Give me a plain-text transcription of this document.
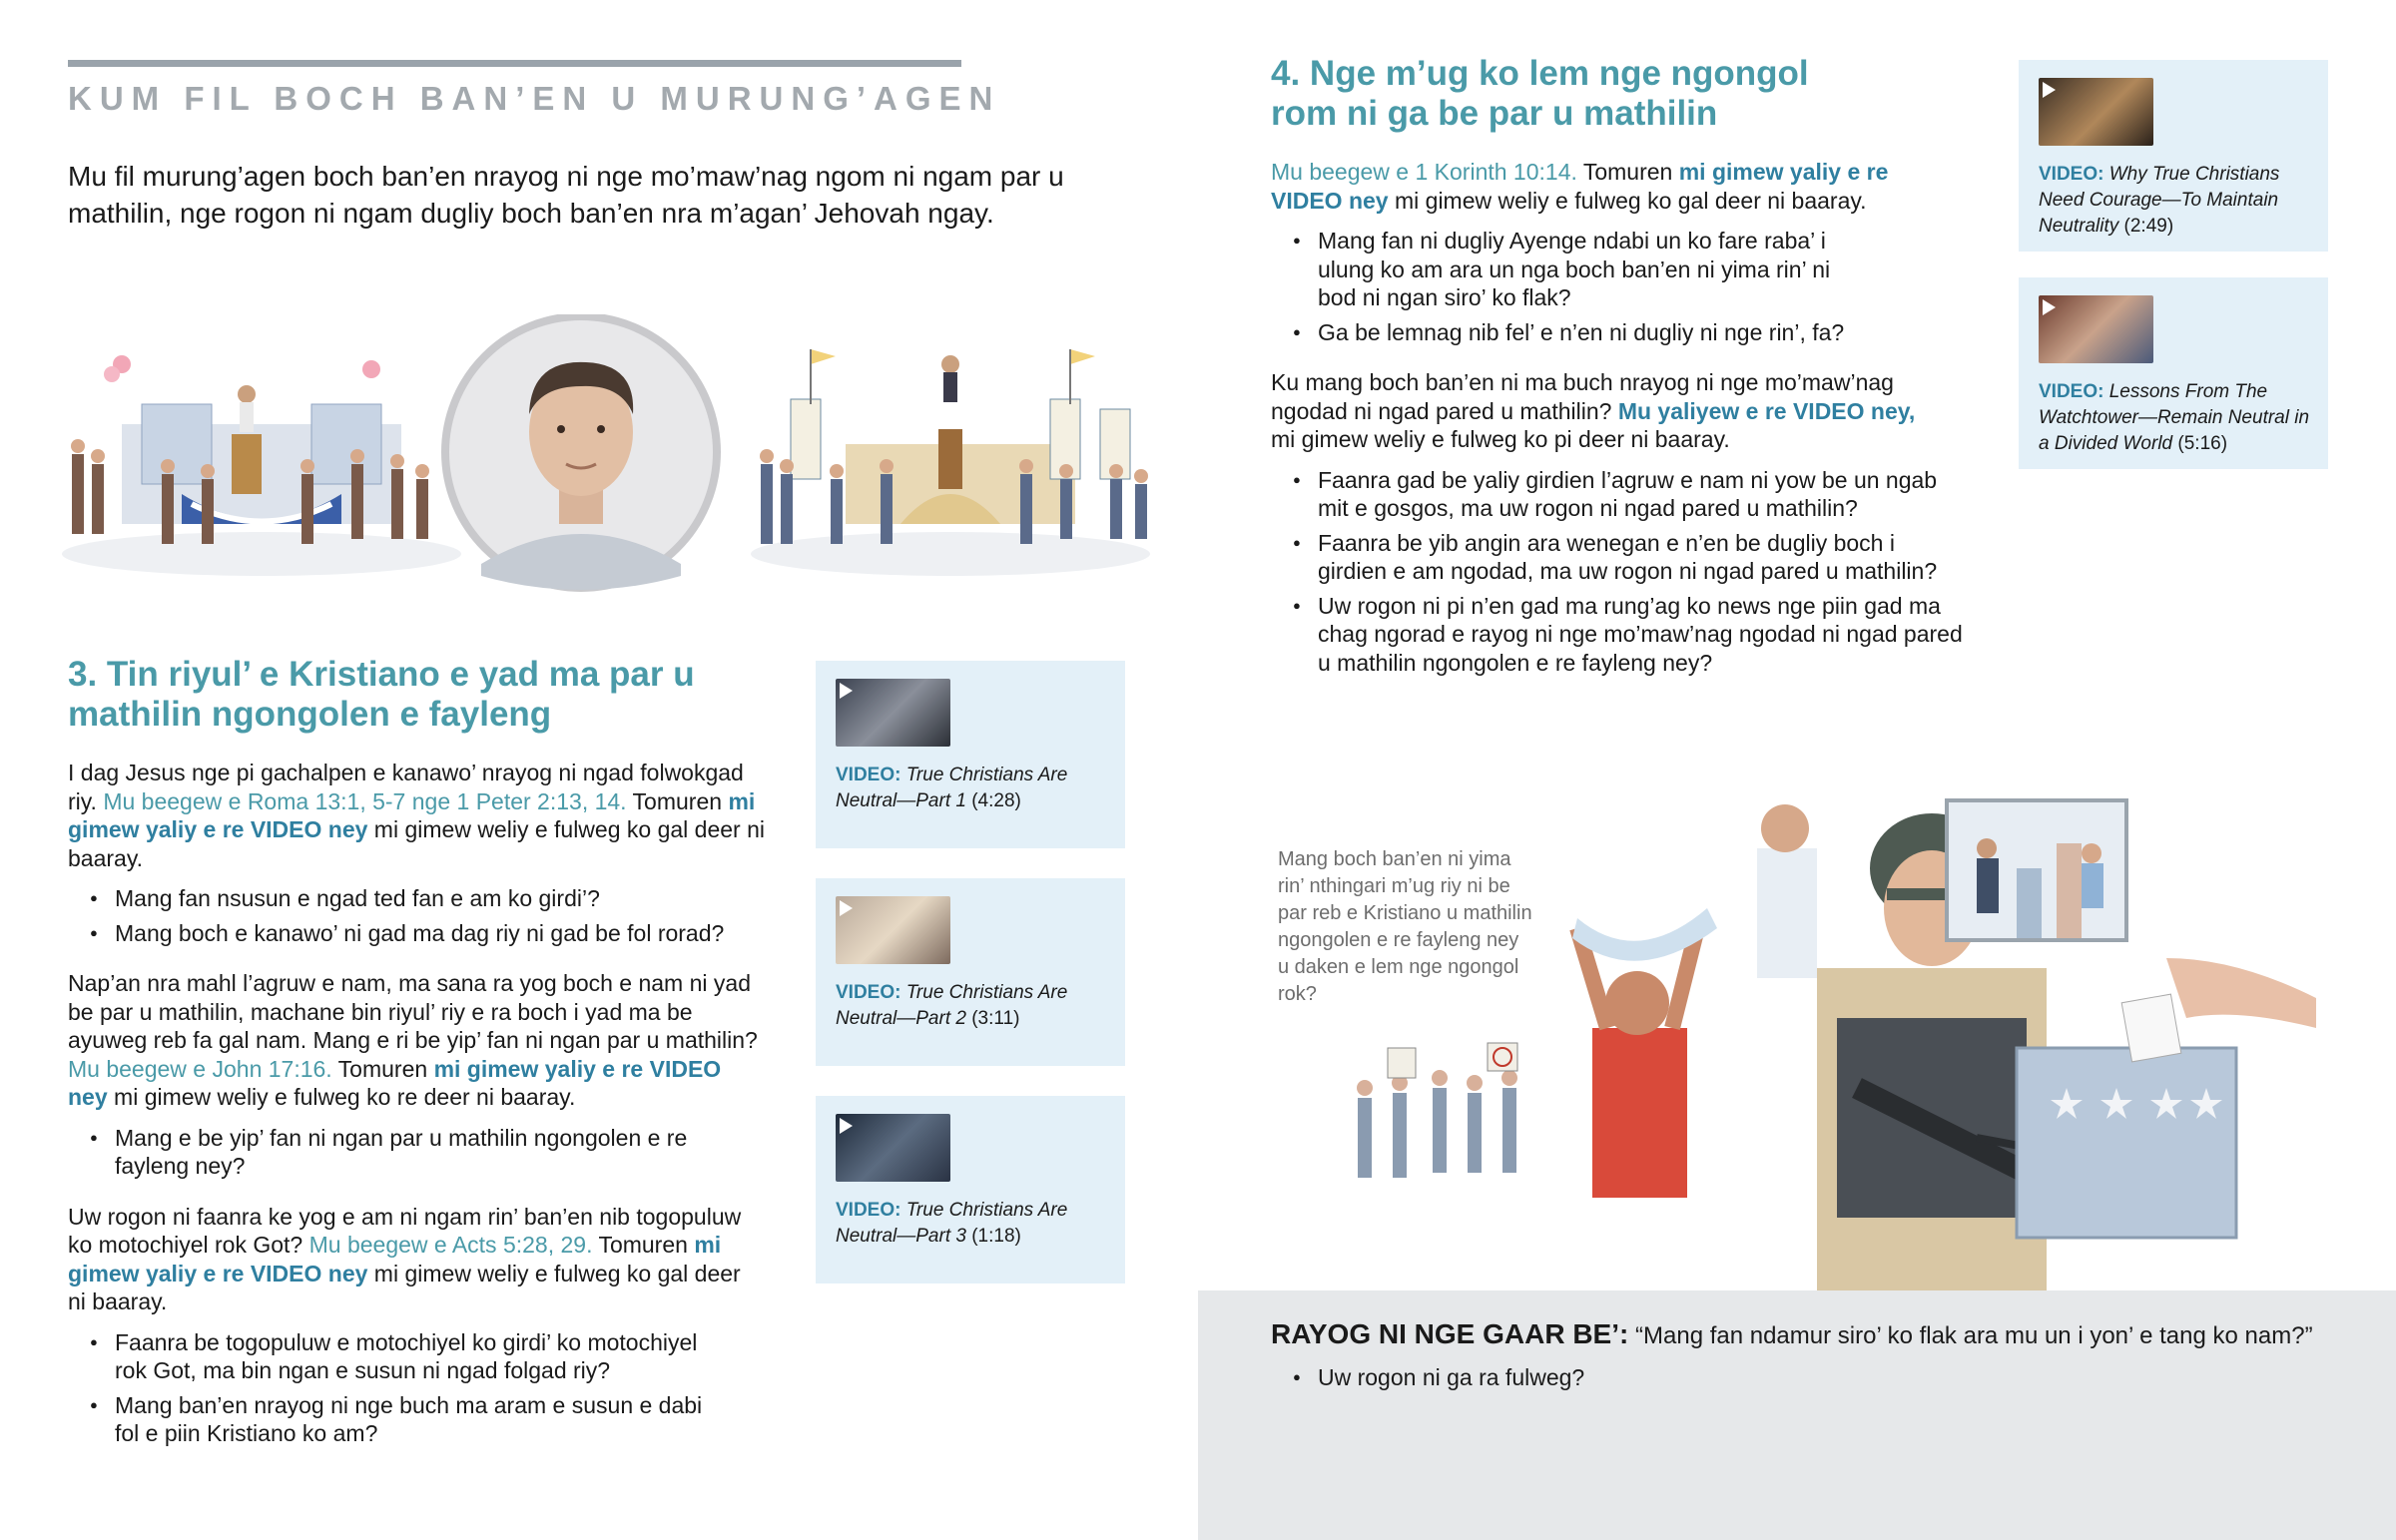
KUM FIL BOCH BAN’EN U MURUNG’AGEN
Mu fil murung’agen boch ban’en nrayog ni nge mo’maw’nag ngom ni ngam par u mathilin, nge rogon ni ngam dugliy boch ban’en nra m’agan’ Jehovah ngay.
3. Tin riyul’ e Kristiano e yad ma par u mathilin ngongolen e fayleng
I dag Jesus nge pi gachalpen e kanawo’ nrayog ni ngad folwokgad riy. Mu beegew e Roma 13:1, 5-7 nge 1 Peter 2:13, 14. Tomuren mi gimew yaliy e re VIDEO ney mi gimew weliy e fulweg ko gal deer ni baaray.
● Mang fan nsusun e ngad ted fan e am ko girdi’?
● Mang boch e kanawo’ ni gad ma dag riy ni gad be fol rorad?
Nap’an nra mahl l’agruw e nam, ma sana ra yog boch e nam ni yad be par u mathilin, machane bin riyul’ riy e ra boch i yad ma be ayuweg reb fa gal nam. Mang e ri be yip’ fan ni ngan par u mathilin? Mu beegew e John 17:16. Tomuren mi gimew yaliy e re VIDEO ney mi gimew weliy e fulweg ko re deer ni baaray.
● Mang e be yip’ fan ni ngan par u mathilin ngongolen e re fayleng ney?
Uw rogon ni faanra ke yog e am ni ngam rin’ ban’en nib togopuluw ko motochiyel rok Got? Mu beegew e Acts 5:28, 29. Tomuren mi gimew yaliy e re VIDEO ney mi gimew weliy e fulweg ko gal deer ni baaray.
● Faanra be togopuluw e motochiyel ko girdi’ ko motochiyel rok Got, ma bin ngan e susun ni ngad folgad riy?
● Mang ban’en nrayog ni nge buch ma aram e susun e dabi fol e piin Kristiano ko am?
VIDEO: True Christians Are Neutral—Part 1 (4:28)
VIDEO: True Christians Are Neutral—Part 2 (3:11)
VIDEO: True Christians Are Neutral—Part 3 (1:18)
4. Nge m’ug ko lem nge ngongol rom ni ga be par u mathilin
Mu beegew e 1 Korinth 10:14. Tomuren mi gimew yaliy e re VIDEO ney mi gimew weliy e fulweg ko gal deer ni baaray.
● Mang fan ni dugliy Ayenge ndabi un ko fare raba’ i ulung ko am ara un nga boch ban’en ni yima rin’ ni bod ni ngan siro’ ko flak?
● Ga be lemnag nib fel’ e n’en ni dugliy ni nge rin’, fa?
Ku mang boch ban’en ni ma buch nrayog ni nge mo’maw’nag ngodad ni ngad pared u mathilin? Mu yaliyew e re VIDEO ney, mi gimew weliy e fulweg ko pi deer ni baaray.
● Faanra gad be yaliy girdien l’agruw e nam ni yow be un ngab mit e gosgos, ma uw rogon ni ngad pared u mathilin?
● Faanra be yib angin ara wenegan e n’en be dugliy boch i girdien e am ngodad, ma uw rogon ni ngad pared u mathilin?
● Uw rogon ni pi n’en gad ma rung’ag ko news nge piin gad ma chag ngorad e rayog ni nge mo’maw’nag ngodad ni ngad pared u mathilin ngongolen e re fayleng ney?
VIDEO: Why True Christians Need Courage—To Maintain Neutrality (2:49)
VIDEO: Lessons From The Watchtower—Remain Neutral in a Divided World (5:16)
Mang boch ban’en ni yima rin’ nthingari m’ug riy ni be par reb e Kristiano u mathilin ngongolen e re fayleng ney u daken e lem nge ngongol rok?
RAYOG NI NGE GAAR BE’: “Mang fan ndamur siro’ ko flak ara mu un i yon’ e tang ko nam?”
● Uw rogon ni ga ra fulweg?
